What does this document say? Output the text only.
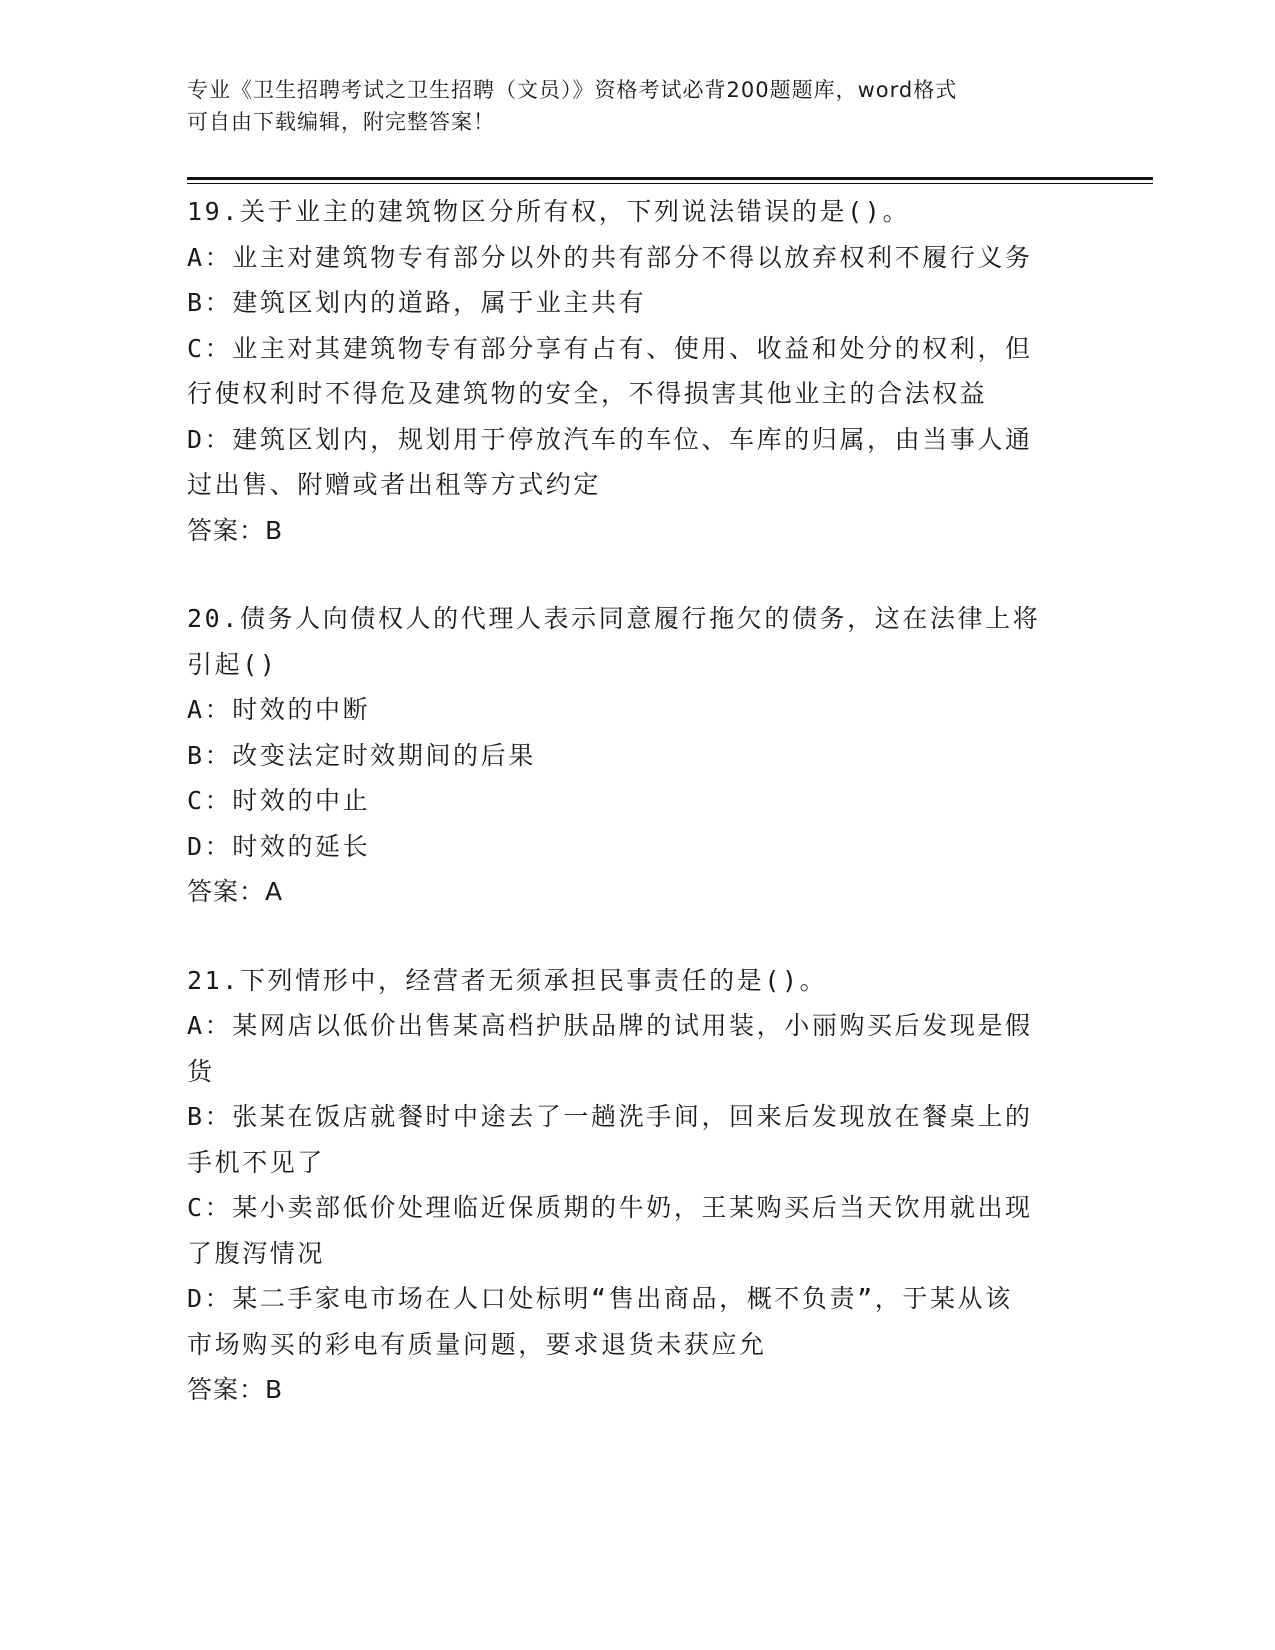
专业《卫生招聘考试之卫生招聘（文员）》资格考试必背200题题库，word格式
可自由下载编辑，附完整答案！
19.关于业主的建筑物区分所有权，下列说法错误的是()。
A：业主对建筑物专有部分以外的共有部分不得以放弃权利不履行义务
B：建筑区划内的道路，属于业主共有
C：业主对其建筑物专有部分享有占有、使用、收益和处分的权利，但
行使权利时不得危及建筑物的安全，不得损害其他业主的合法权益
D：建筑区划内，规划用于停放汽车的车位、车库的归属，由当事人通
过出售、附赠或者出租等方式约定
答案：B
20.债务人向债权人的代理人表示同意履行拖欠的债务，这在法律上将
引起()
A：时效的中断
B：改变法定时效期间的后果
C：时效的中止
D：时效的延长
答案：A
21.下列情形中，经营者无须承担民事责任的是()。
A：某网店以低价出售某高档护肤品牌的试用装，小丽购买后发现是假
货
B：张某在饭店就餐时中途去了一趟洗手间，回来后发现放在餐桌上的
手机不见了
C：某小卖部低价处理临近保质期的牛奶，王某购买后当天饮用就出现
了腹泻情况
D：某二手家电市场在人口处标明“售出商品，概不负责”，于某从该
市场购买的彩电有质量问题，要求退货未获应允
答案：B
